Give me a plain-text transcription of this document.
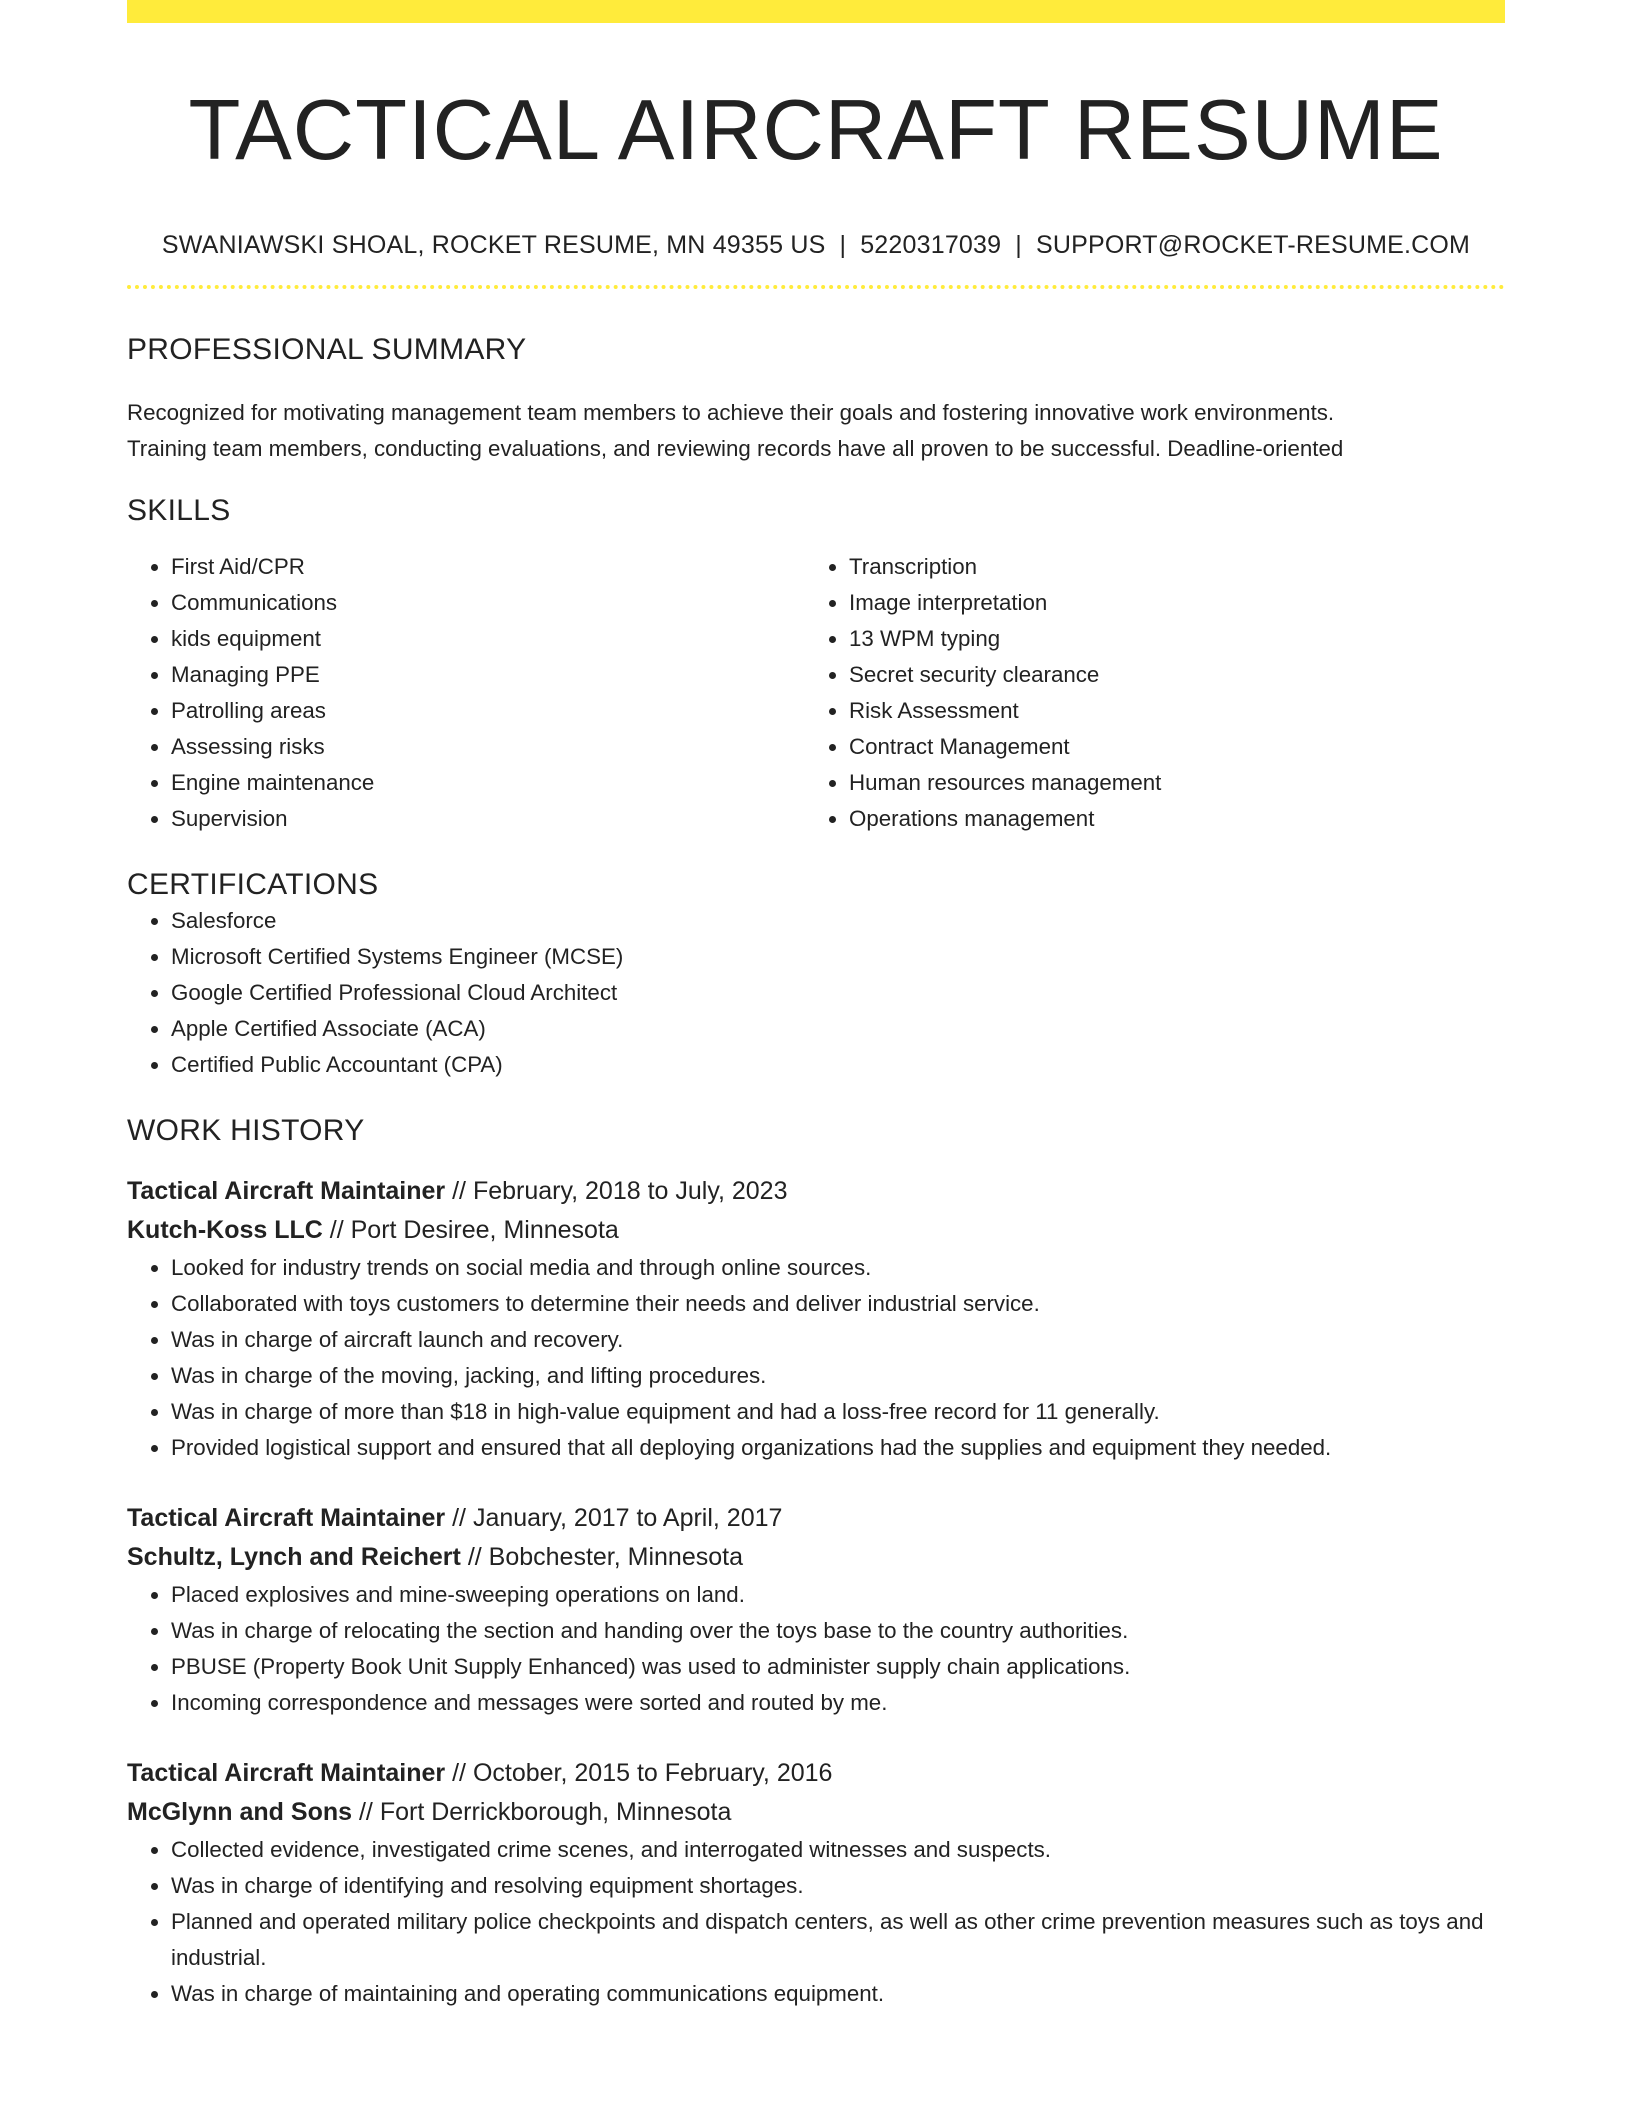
TACTICAL AIRCRAFT RESUME
SWANIAWSKI SHOAL, ROCKET RESUME, MN 49355 US | 5220317039 | SUPPORT@ROCKET-RESUME.COM
PROFESSIONAL SUMMARY

Recognized for motivating management team members to achieve their goals and fostering innovative work environments.
Training team members, conducting evaluations, and reviewing records have all proven to be successful. Deadline-oriented

SKILLS
• First Aid/CPR
• Communications
• kids equipment
• Managing PPE
• Patrolling areas
• Assessing risks
• Engine maintenance
• Supervision
• Transcription
• Image interpretation
• 13 WPM typing
• Secret security clearance
• Risk Assessment
• Contract Management
• Human resources management
• Operations management
CERTIFICATIONS
• Salesforce
• Microsoft Certified Systems Engineer (MCSE)
• Google Certified Professional Cloud Architect
• Apple Certified Associate (ACA)
• Certified Public Accountant (CPA)
WORK HISTORY
Tactical Aircraft Maintainer // February, 2018 to July, 2023
Kutch-Koss LLC // Port Desiree, Minnesota
• Looked for industry trends on social media and through online sources.
• Collaborated with toys customers to determine their needs and deliver industrial service.
• Was in charge of aircraft launch and recovery.
• Was in charge of the moving, jacking, and lifting procedures.
• Was in charge of more than $18 in high-value equipment and had a loss-free record for 11 generally.
• Provided logistical support and ensured that all deploying organizations had the supplies and equipment they needed.
Tactical Aircraft Maintainer // January, 2017 to April, 2017
Schultz, Lynch and Reichert // Bobchester, Minnesota
• Placed explosives and mine-sweeping operations on land.
• Was in charge of relocating the section and handing over the toys base to the country authorities.
• PBUSE (Property Book Unit Supply Enhanced) was used to administer supply chain applications.
• Incoming correspondence and messages were sorted and routed by me.
Tactical Aircraft Maintainer // October, 2015 to February, 2016
McGlynn and Sons // Fort Derrickborough, Minnesota
• Collected evidence, investigated crime scenes, and interrogated witnesses and suspects.
• Was in charge of identifying and resolving equipment shortages.
• Planned and operated military police checkpoints and dispatch centers, as well as other crime prevention measures such as toys and industrial.
• Was in charge of maintaining and operating communications equipment.
